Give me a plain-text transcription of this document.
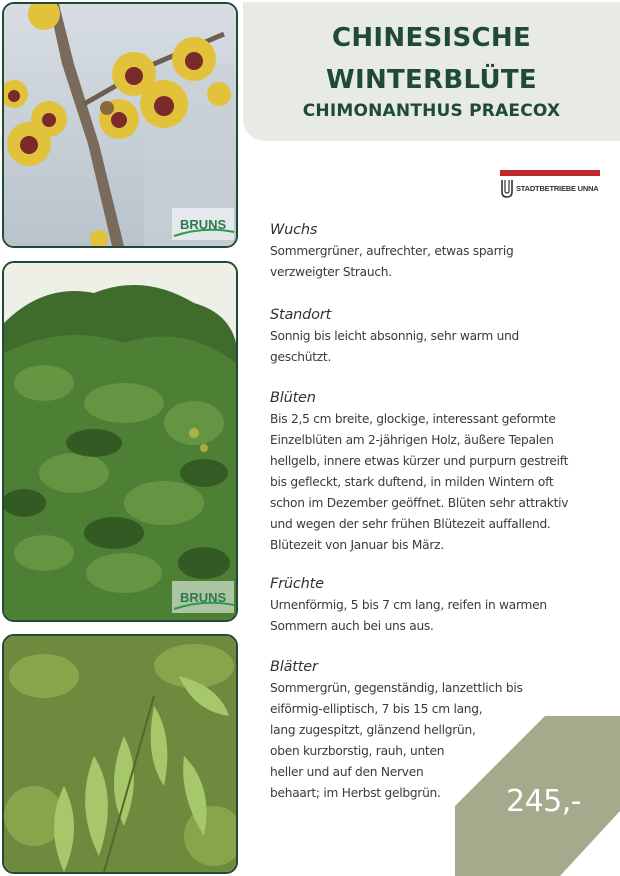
BRUNS
BRUNS
CHINESISCHE
WINTERBLÜTE
CHIMONANTHUS PRAECOX
STADTBETRIEBE UNNA
Wuchs
Sommergrüner, aufrechter, etwas sparrig
verzweigter Strauch.
Standort
Sonnig bis leicht absonnig, sehr warm und
geschützt.
Blüten
Bis 2,5 cm breite, glockige, interessant geformte
Einzelblüten am 2-jährigen Holz, äußere Tepalen
hellgelb, innere etwas kürzer und purpurn gestreift
bis gefleckt, stark duftend, in milden Wintern oft
schon im Dezember geöffnet. Blüten sehr attraktiv
und wegen der sehr frühen Blütezeit auffallend.
Blütezeit von Januar bis März.
Früchte
Urnenförmig, 5 bis 7 cm lang, reifen in warmen
Sommern auch bei uns aus.
Blätter
Sommergrün, gegenständig, lanzettlich bis
eiförmig-elliptisch, 7 bis 15 cm lang,
lang zugespitzt, glänzend hellgrün,
oben kurzborstig, rauh, unten
heller und auf den Nerven
behaart; im Herbst gelbgrün.	245,-
